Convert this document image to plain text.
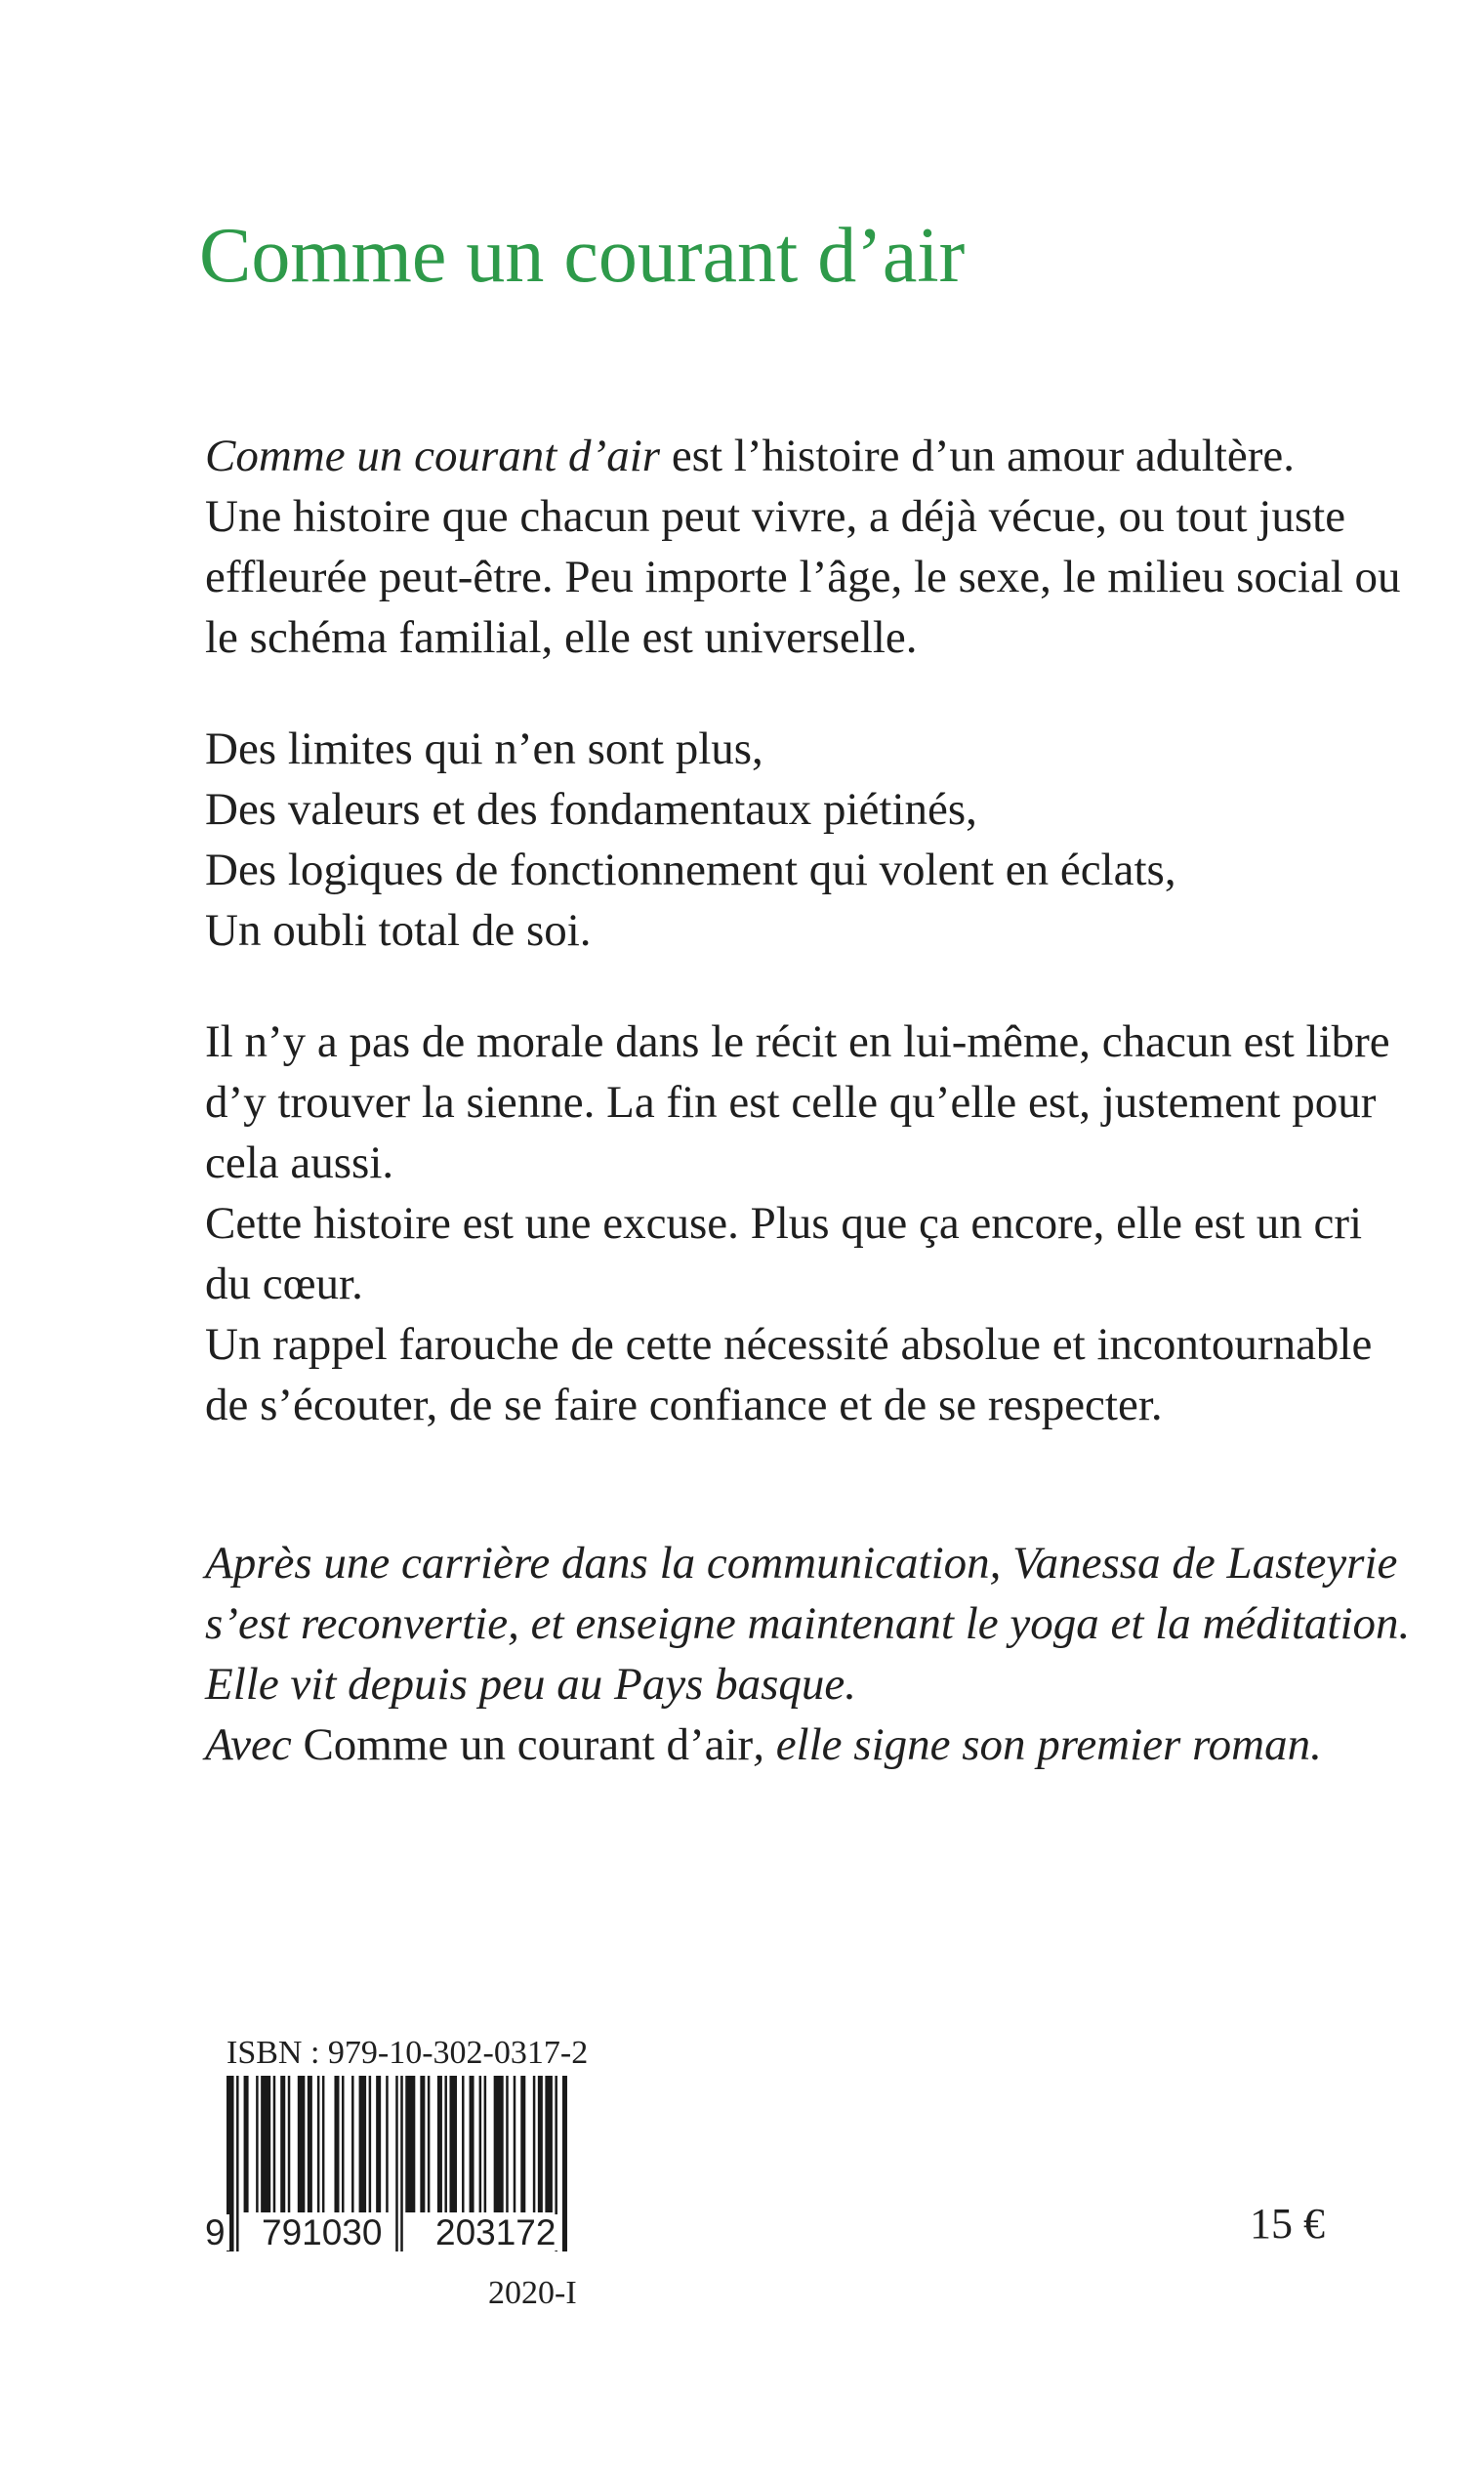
Comme un courant d’air

Comme un courant d’air est l’histoire d’un amour adultère.

Une histoire que chacun peut vivre, a déjà vécue, ou tout juste

effleurée peut-être. Peu importe l’âge, le sexe, le milieu social ou

le schéma familial, elle est universelle.

Des limites qui n’en sont plus,

Des valeurs et des fondamentaux piétinés,

Des logiques de fonctionnement qui volent en éclats,

Un oubli total de soi.

Il n’y a pas de morale dans le récit en lui-même, chacun est libre

d’y trouver la sienne. La fin est celle qu’elle est, justement pour

cela aussi.

Cette histoire est une excuse. Plus que ça encore, elle est un cri

du cœur.

Un rappel farouche de cette nécessité absolue et incontournable

de s’écouter, de se faire confiance et de se respecter.

Après une carrière dans la communication, Vanessa de Lasteyrie

s’est reconvertie, et enseigne maintenant le yoga et la méditation.

Elle vit depuis peu au Pays basque.

Avec Comme un courant d’air, elle signe son premier roman.

ISBN : 979-10-302-0317-2
9 791030 203172
2020-I
15 €
